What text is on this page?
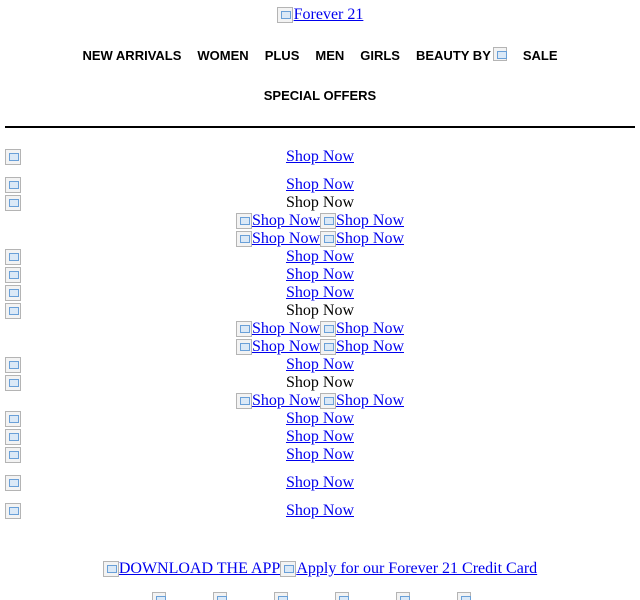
Forever 21
NEW ARRIVALS WOMEN PLUS MEN GIRLS BEAUTY BY SALE
SPECIAL OFFERS
Shop Now
Shop Now
Shop Now
Shop Now Shop Now
Shop Now Shop Now
Shop Now
Shop Now
Shop Now
Shop Now
Shop Now Shop Now
Shop Now Shop Now
Shop Now
Shop Now
Shop Now Shop Now
Shop Now
Shop Now
Shop Now
Shop Now
Shop Now
DOWNLOAD THE APP Apply for our Forever 21 Credit Card
